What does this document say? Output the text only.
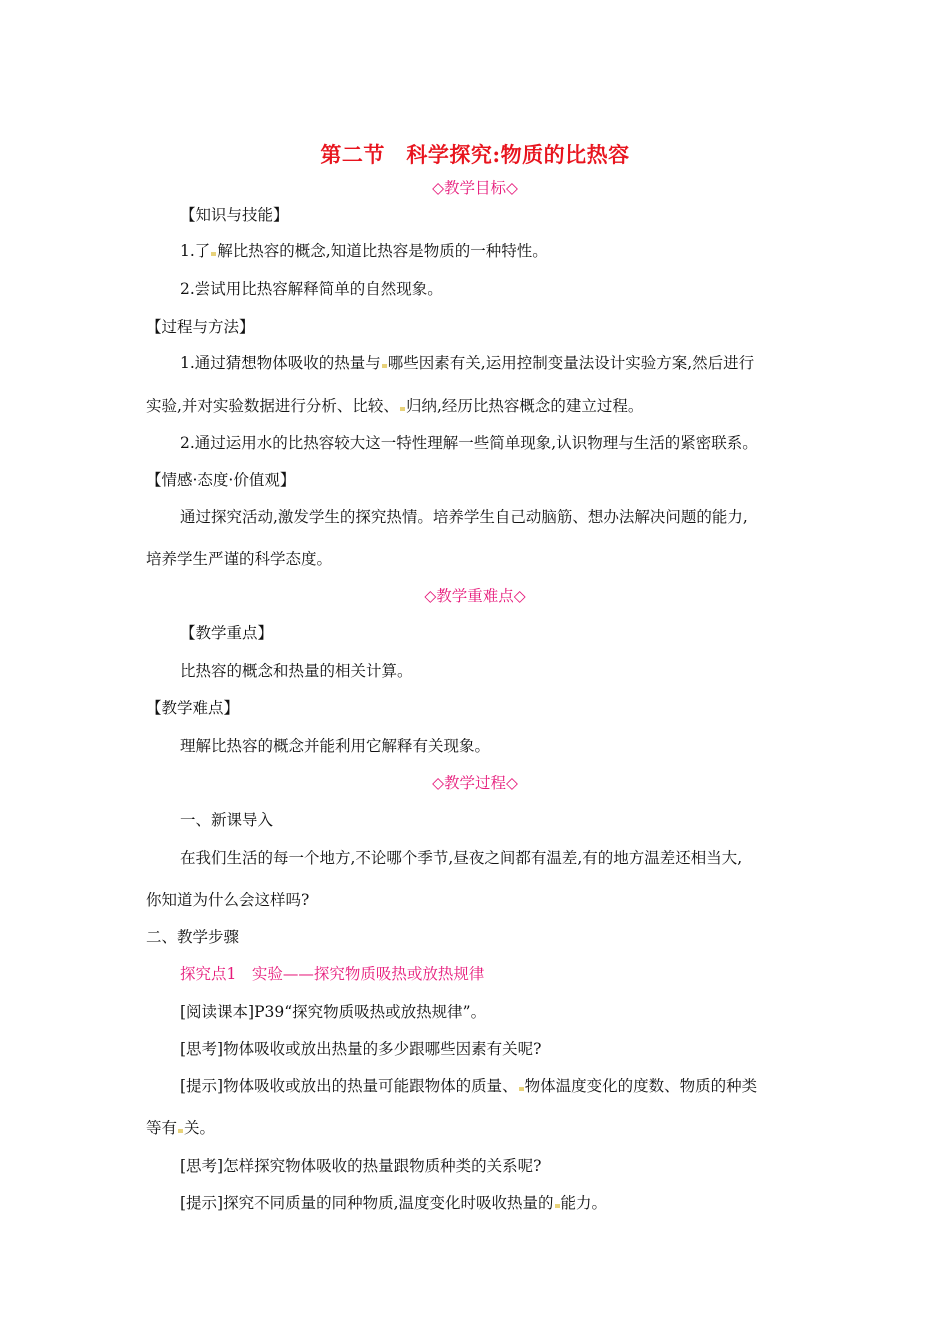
第二节　科学探究:物质的比热容
◇教学目标◇
【知识与技能】
1.了 解比热容的概念,知道比热容是物质的一种特性。
2.尝试用比热容解释简单的自然现象。
【过程与方法】
1.通过猜想物体吸收的热量与 哪些因素有关,运用控制变量法设计实验方案,然后进行
实验,并对实验数据进行分析、比较、 归纳,经历比热容概念的建立过程。
2.通过运用水的比热容较大这一特性理解一些简单现象,认识物理与生活的紧密联系。
【情感·态度·价值观】
通过探究活动,激发学生的探究热情。培养学生自己动脑筋、想办法解决问题的能力,
培养学生严谨的科学态度。
◇教学重难点◇
【教学重点】
比热容的概念和热量的相关计算。
【教学难点】
理解比热容的概念并能利用它解释有关现象。
◇教学过程◇
一、新课导入
在我们生活的每一个地方,不论哪个季节,昼夜之间都有温差,有的地方温差还相当大,
你知道为什么会这样吗?
二、教学步骤
探究点1　实验——探究物质吸热或放热规律
[阅读课本]P39“探究物质吸热或放热规律”。
[思考]物体吸收或放出热量的多少跟哪些因素有关呢?
[提示]物体吸收或放出的热量可能跟物体的质量、 物体温度变化的度数、物质的种类
等有 关。
[思考]怎样探究物体吸收的热量跟物质种类的关系呢?
[提示]探究不同质量的同种物质,温度变化时吸收热量的 能力。
